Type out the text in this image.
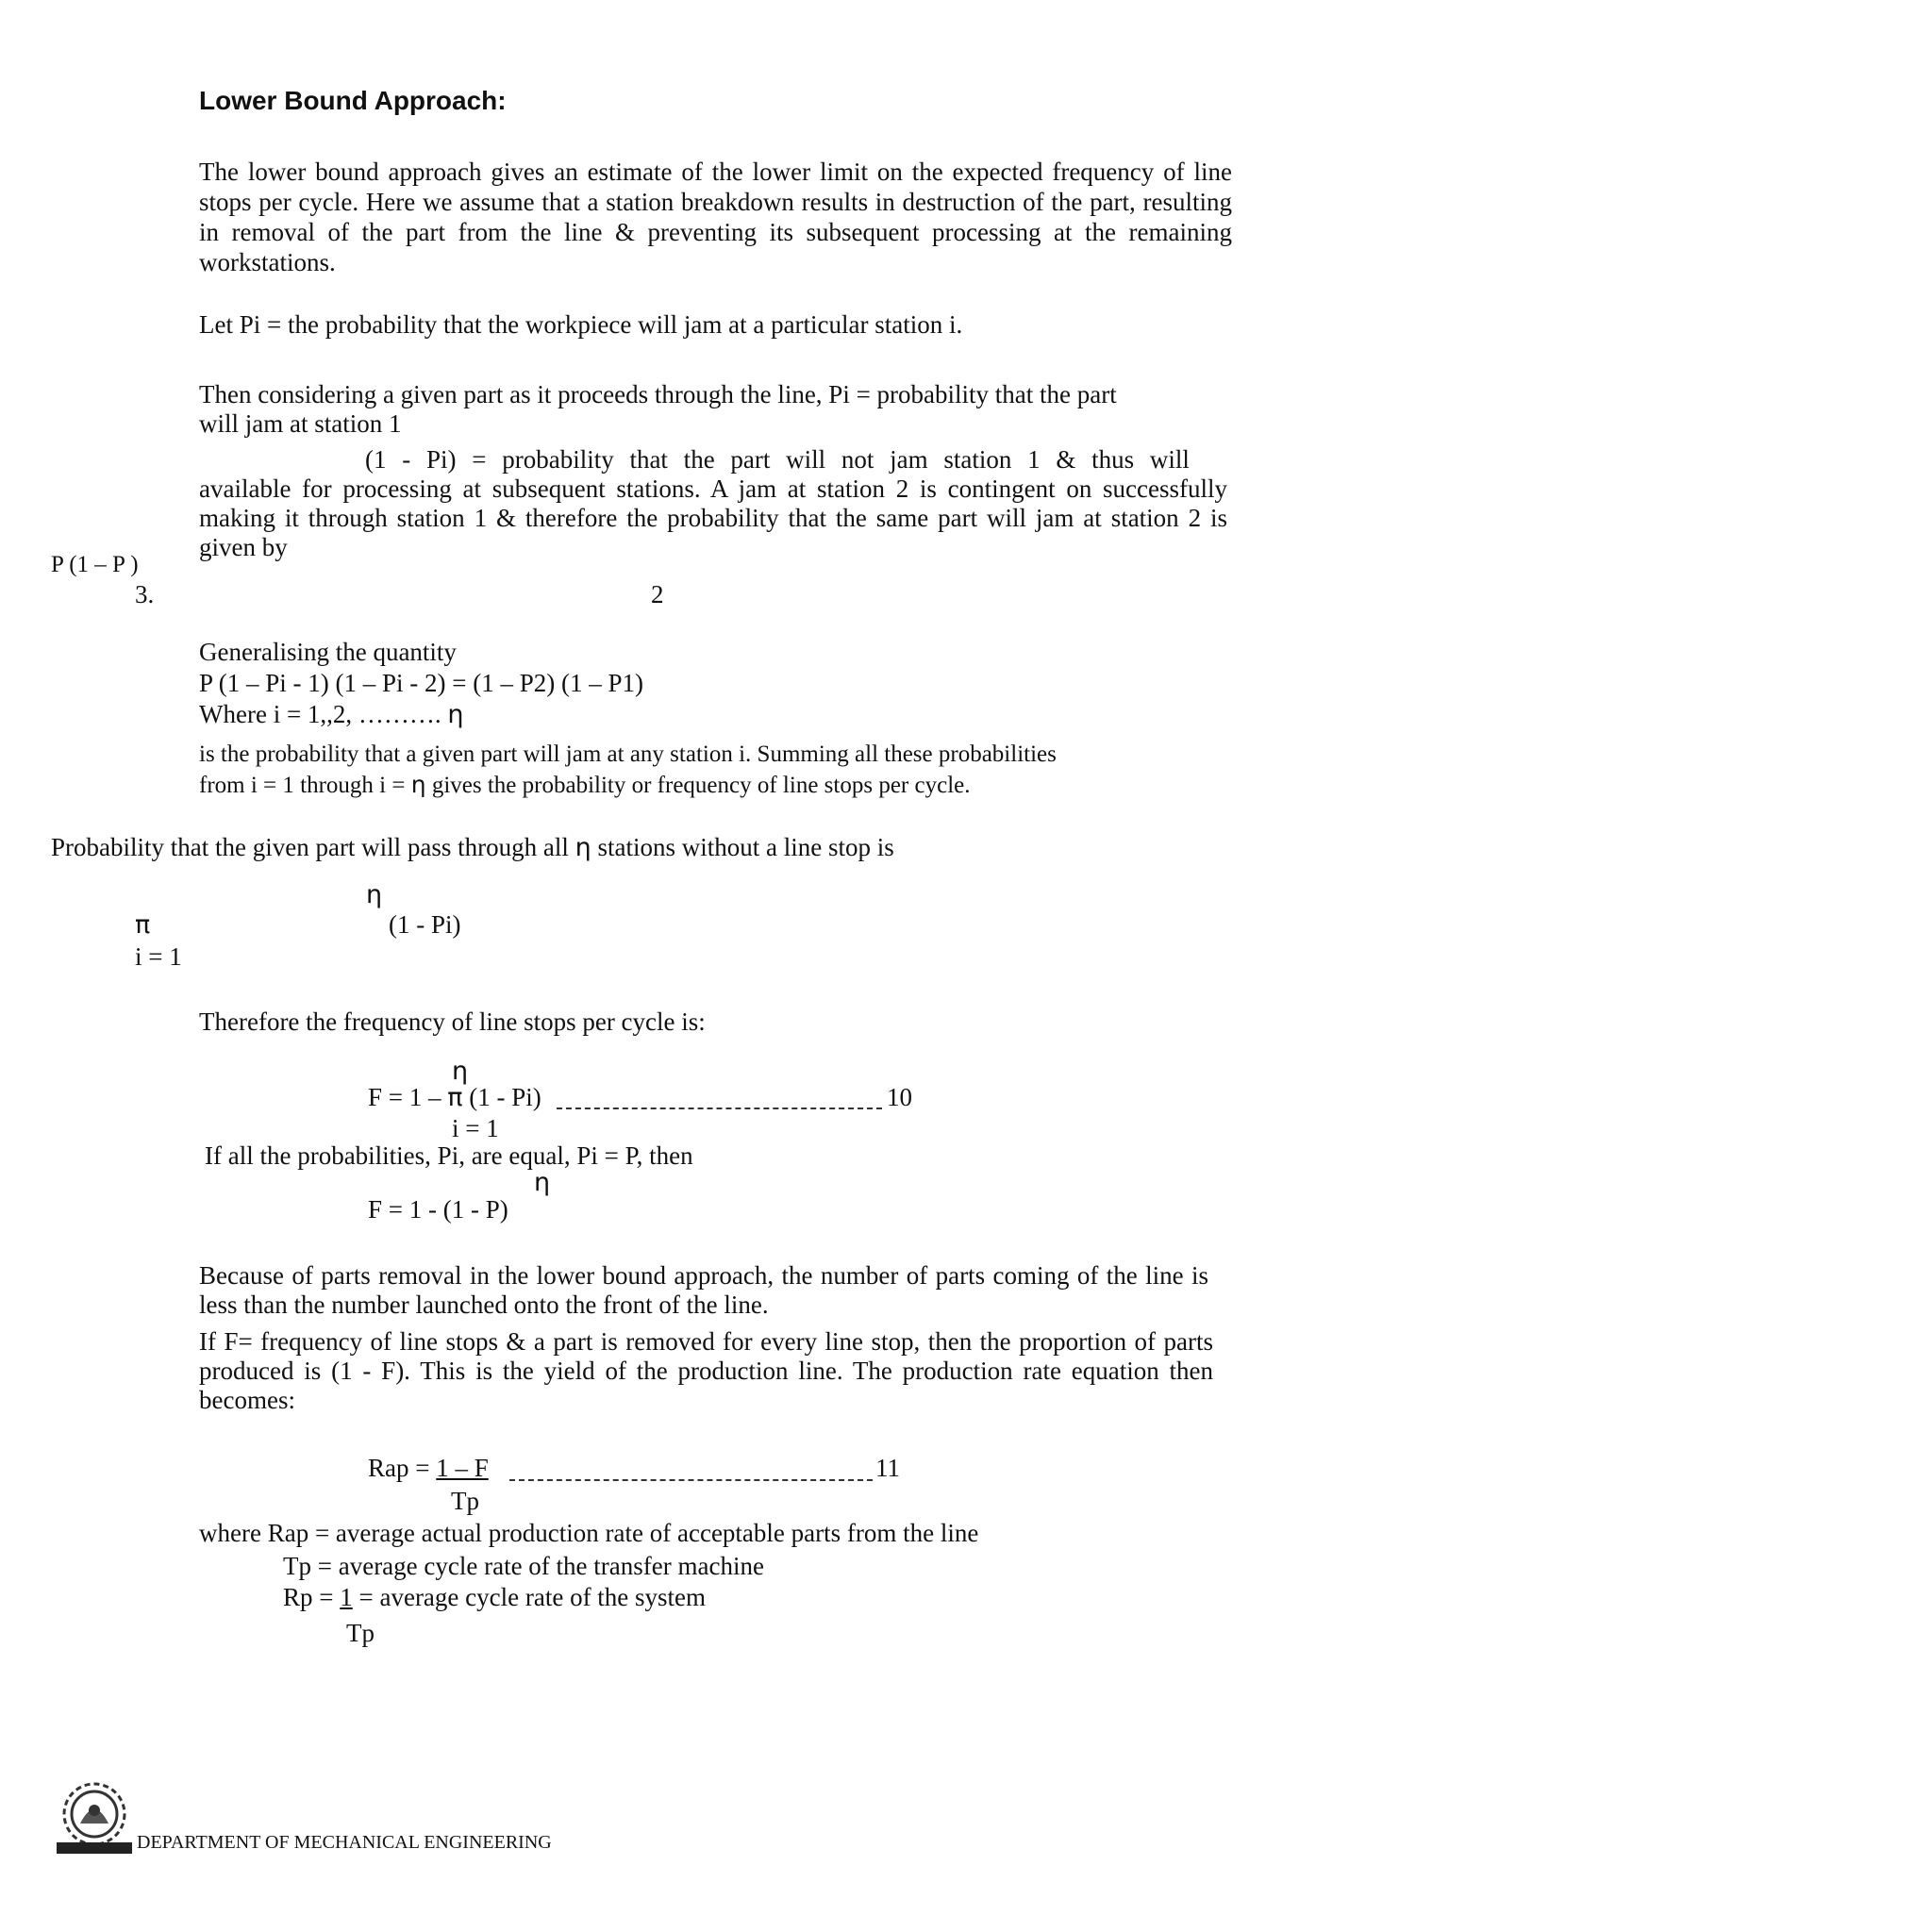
Lower Bound Approach:
The lower bound approach gives an estimate of the lower limit on the expected frequency of line stops per cycle. Here we assume that a station breakdown results in destruction of the part, resulting in removal of the part from the line & preventing its subsequent processing at the remaining workstations.
Let Pi = the probability that the workpiece will jam at a particular station i.
Then considering a given part as it proceeds through the line, Pi = probability that the part
will jam at station 1
(1 - Pi) = probability that the part will not jam station 1 & thus will
available for processing at subsequent stations. A jam at station 2 is contingent on successfully making it through station 1 & therefore the probability that the same part will jam at station 2 is given by
P (1 – P )
3.	2
Generalising the quantity
P (1 – Pi - 1) (1 – Pi - 2) = (1 – P2) (1 – P1)
Where i = 1,,2, ………. η
is the probability that a given part will jam at any station i. Summing all these probabilities
from i = 1 through i = η gives the probability or frequency of line stops per cycle.
Probability that the given part will pass through all η stations without a line stop is
η
π	(1 - Pi)
i = 1
Therefore the frequency of line stops per cycle is:
η
F = 1 – π (1 - Pi)	10
i = 1
If all the probabilities, Pi, are equal, Pi = P, then
η
F = 1 - (1 - P)
Because of parts removal in the lower bound approach, the number of parts coming of the line is less than the number launched onto the front of the line.
If F= frequency of line stops & a part is removed for every line stop, then the proportion of parts produced is (1 - F). This is the yield of the production line. The production rate equation then becomes:
Rap = 1 – F	11
Tp
where Rap = average actual production rate of acceptable parts from the line
Tp = average cycle rate of the transfer machine
Rp = 1 = average cycle rate of the system
Tp
DEPARTMENT OF MECHANICAL ENGINEERING
